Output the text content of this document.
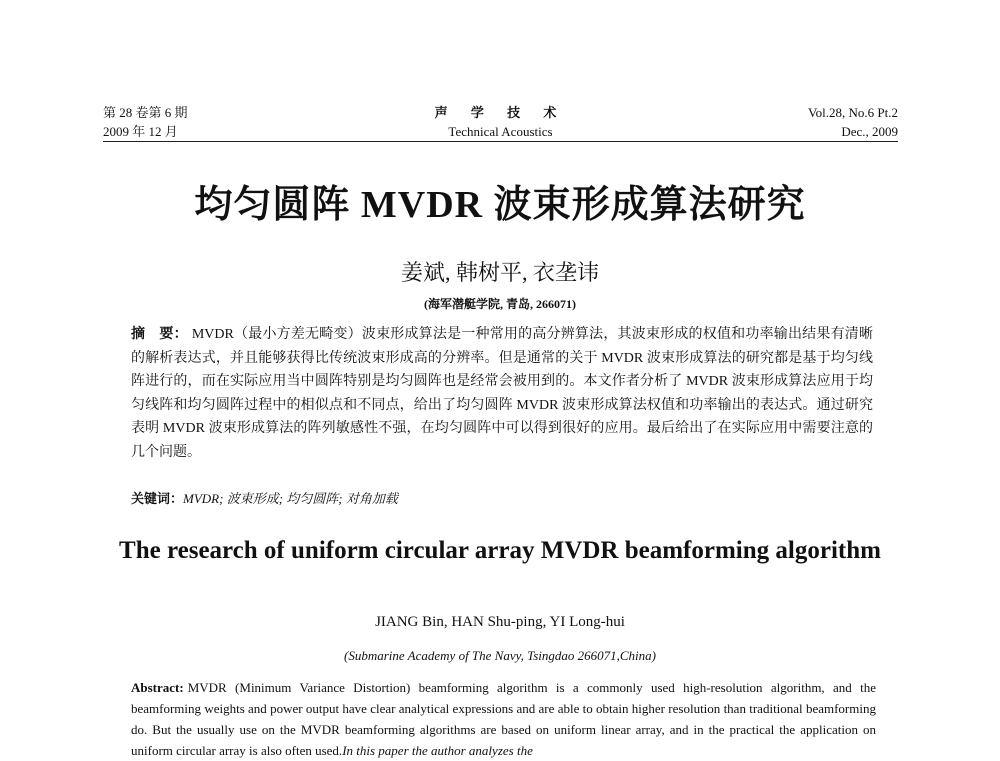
第 28 卷第 6 期
2009 年 12 月
声 学 技 术
Technical Acoustics
Vol.28, No.6 Pt.2
Dec., 2009
均匀圆阵 MVDR 波束形成算法研究
姜斌, 韩树平, 衣垄讳
(海军潜艇学院, 青岛, 266071)
摘　要： MVDR（最小方差无畸变）波束形成算法是一种常用的高分辨算法，其波束形成的权值和功率输出结果有清晰的解析表达式，并且能够获得比传统波束形成高的分辨率。但是通常的关于 MVDR 波束形成算法的研究都是基于均匀线阵进行的，而在实际应用当中圆阵特别是均匀圆阵也是经常会被用到的。本文作者分析了 MVDR 波束形成算法应用于均匀线阵和均匀圆阵过程中的相似点和不同点，给出了均匀圆阵 MVDR 波束形成算法权值和功率输出的表达式。通过研究表明 MVDR 波束形成算法的阵列敏感性不强，在均匀圆阵中可以得到很好的应用。最后给出了在实际应用中需要注意的几个问题。
关键词：MVDR; 波束形成; 均匀圆阵; 对角加载
The research of uniform circular array MVDR beamforming algorithm
JIANG Bin, HAN Shu-ping, YI Long-hui
(Submarine Academy of The Navy, Tsingdao 266071,China)
Abstract: MVDR (Minimum Variance Distortion) beamforming algorithm is a commonly used high-resolution algorithm, and the beamforming weights and power output have clear analytical expressions and are able to obtain higher resolution than traditional beamforming do. But the usually use on the MVDR beamforming algorithms are based on uniform linear array, and in the practical the application on uniform circular array is also often used.In this paper the author analyzes the
